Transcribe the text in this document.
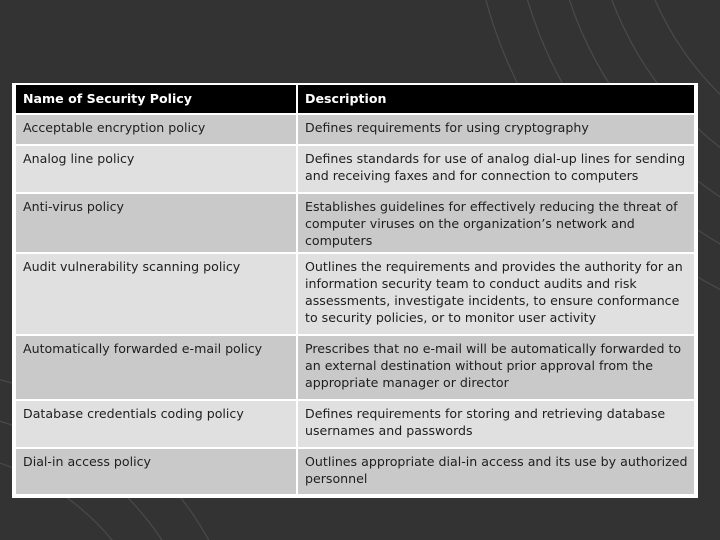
Name of Security Policy	Description
Acceptable encryption policy	Defines requirements for using cryptography
Analog line policy	Defines standards for use of analog dial-up lines for sending and receiving faxes and for connection to computers
Anti-virus policy	Establishes guidelines for effectively reducing the threat of computer viruses on the organization’s network and computers
Audit vulnerability scanning policy	Outlines the requirements and provides the authority for an information security team to conduct audits and risk assessments, investigate incidents, to ensure conformance to security policies, or to monitor user activity
Automatically forwarded e-mail policy	Prescribes that no e-mail will be automatically forwarded to an external destination without prior approval from the appropriate manager or director
Database credentials coding policy	Defines requirements for storing and retrieving database usernames and passwords
Dial-in access policy	Outlines appropriate dial-in access and its use by authorized personnel
